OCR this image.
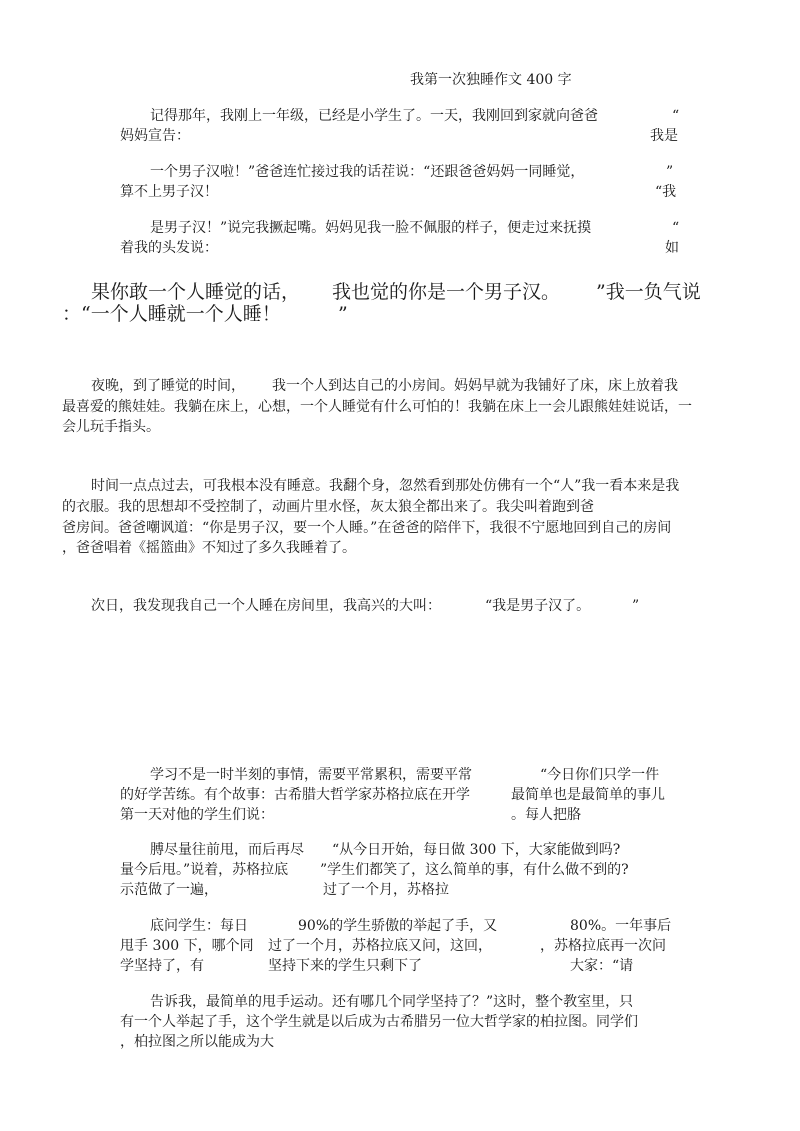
我第一次独睡作文 400 字
记得那年，我刚上一年级，已经是小学生了。一天，我刚回到家就向爸爸	“
妈妈宣告：	我是
一个男子汉啦！”爸爸连忙接过我的话茬说：“还跟爸爸妈妈一同睡觉，	”
算不上男子汉！	“我
是男子汉！”说完我撅起嘴。妈妈见我一脸不佩服的样子，便走过来抚摸	“
着我的头发说：	如
果你敢一个人睡觉的话， 我也觉的你是一个男子汉。 ”我一负气说
：“一个人睡就一个人睡！	”
夜晚，到了睡觉的时间， 我一个人到达自己的小房间。妈妈早就为我铺好了床，床上放着我
最喜爱的熊娃娃。我躺在床上，心想，一个人睡觉有什么可怕的！我躺在床上一会儿跟熊娃娃说话，一
会儿玩手指头。
时间一点点过去，可我根本没有睡意。我翻个身，忽然看到那处仿佛有一个“人”我一看本来是我
的衣服。我的思想却不受控制了，动画片里水怪，灰太狼全都出来了。我尖叫着跑到爸
爸房间。爸爸嘲讽道：“你是男子汉，要一个人睡。”在爸爸的陪伴下，我很不宁愿地回到自己的房间
，爸爸唱着《摇篮曲》不知过了多久我睡着了。
次日，我发现我自己一个人睡在房间里，我高兴的大叫：	“我是男子汉了。	”
学习不是一时半刻的事情，需要平常累积，需要平常	“今日你们只学一件
的好学苦练。有个故事：古希腊大哲学家苏格拉底在开学	最简单也是最简单的事儿
第一天对他的学生们说：	。每人把胳
膊尽量往前甩，而后再尽 “从今日开始，每日做 300 下，大家能做到吗?
量今后甩。”说着，苏格拉底 ”学生们都笑了，这么简单的事，有什么做不到的?
示范做了一遍，	过了一个月，苏格拉
底问学生：每日	90%的学生骄傲的举起了手，又	80%。一年事后
甩手 300 下，哪个同 过了一个月，苏格拉底又问，这回，	，苏格拉底再一次问
学坚持了，有	坚持下来的学生只剩下了	大家：“请
告诉我，最简单的甩手运动。还有哪几个同学坚持了？”这时，整个教室里，只
有一个人举起了手，这个学生就是以后成为古希腊另一位大哲学家的柏拉图。同学们
，柏拉图之所以能成为大
